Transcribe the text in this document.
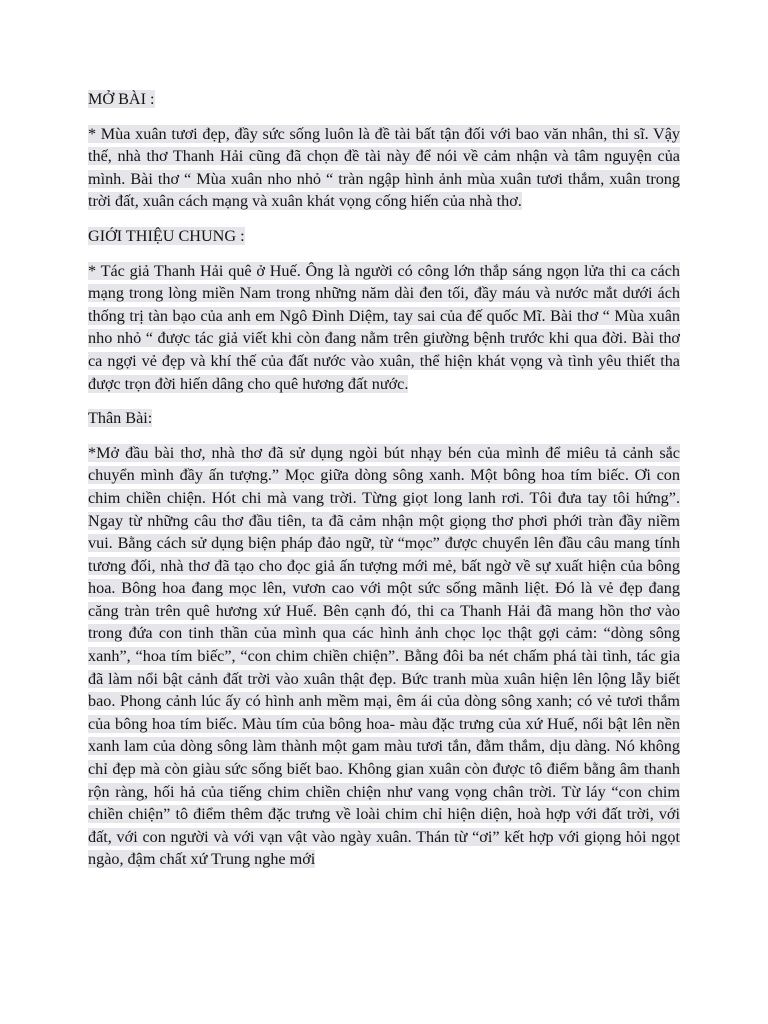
MỞ BÀI :

* Mùa xuân tươi đẹp, đầy sức sống luôn là đề tài bất tận đối với bao văn nhân, thi sĩ. Vậy thế, nhà thơ Thanh Hải cũng đã chọn đề tài này để nói về cảm nhận và tâm nguyện của mình. Bài thơ “ Mùa xuân nho nhỏ “ tràn ngập hình ảnh mùa xuân tươi thắm, xuân trong trời đất, xuân cách mạng và xuân khát vọng cống hiến của nhà thơ.

GIỚI THIỆU CHUNG :

* Tác giả Thanh Hải quê ở Huế. Ông là người có công lớn thắp sáng ngọn lửa thi ca cách mạng trong lòng miền Nam trong những năm dài đen tối, đầy máu và nước mắt dưới ách thống trị tàn bạo của anh em Ngô Đình Diệm, tay sai của đế quốc Mĩ. Bài thơ “ Mùa xuân nho nhỏ “ được tác giả viết khi còn đang nằm trên giường bệnh trước khi qua đời. Bài thơ ca ngợi vẻ đẹp và khí thế của đất nước vào xuân, thể hiện khát vọng và tình yêu thiết tha được trọn đời hiến dâng cho quê hương đất nước.

Thân Bài:

*Mở đầu bài thơ, nhà thơ đã sử dụng ngòi bút nhạy bén của mình để miêu tả cảnh sắc chuyển mình đầy ấn tượng.” Mọc giữa dòng sông xanh. Một bông hoa tím biếc. Ơi con chim chiền chiện. Hót chi mà vang trời. Từng giọt long lanh rơi. Tôi đưa tay tôi hứng”. Ngay từ những câu thơ đầu tiên, ta đã cảm nhận một giọng thơ phơi phới tràn đầy niềm vui. Bằng cách sử dụng biện pháp đảo ngữ, từ “mọc” được chuyển lên đầu câu mang tính tương đối, nhà thơ đã tạo cho đọc giả ấn tượng mới mẻ, bất ngờ về sự xuất hiện của bông hoa. Bông hoa đang mọc lên, vươn cao với một sức sống mãnh liệt. Đó là vẻ đẹp đang căng tràn trên quê hương xứ Huế. Bên cạnh đó, thi ca Thanh Hải đã mang hồn thơ vào trong đứa con tinh thần của mình qua các hình ảnh chọc lọc thật gợi cảm: “dòng sông xanh”, “hoa tím biếc”, “con chim chiền chiện”. Bằng đôi ba nét chấm phá tài tình, tác gia đã làm nổi bật cảnh đất trời vào xuân thật đẹp. Bức tranh mùa xuân hiện lên lộng lẫy biết bao. Phong cảnh lúc ấy có hình anh mềm mại, êm ái của dòng sông xanh; có vẻ tươi thắm của bông hoa tím biếc. Màu tím của bông hoa- màu đặc trưng của xứ Huế, nổi bật lên nền xanh lam của dòng sông làm thành một gam màu tươi tắn, đằm thắm, dịu dàng. Nó không chỉ đẹp mà còn giàu sức sống biết bao. Không gian xuân còn được tô điểm bằng âm thanh rộn ràng, hối hả của tiếng chim chiền chiện như vang vọng chân trời. Từ láy “con chim chiền chiện” tô điểm thêm đặc trưng về loài chim chỉ hiện diện, hoà hợp với đất trời, với đất, với con người và với vạn vật vào ngày xuân. Thán từ “ơi” kết hợp với giọng hỏi ngọt ngào, đậm chất xứ Trung nghe mới
